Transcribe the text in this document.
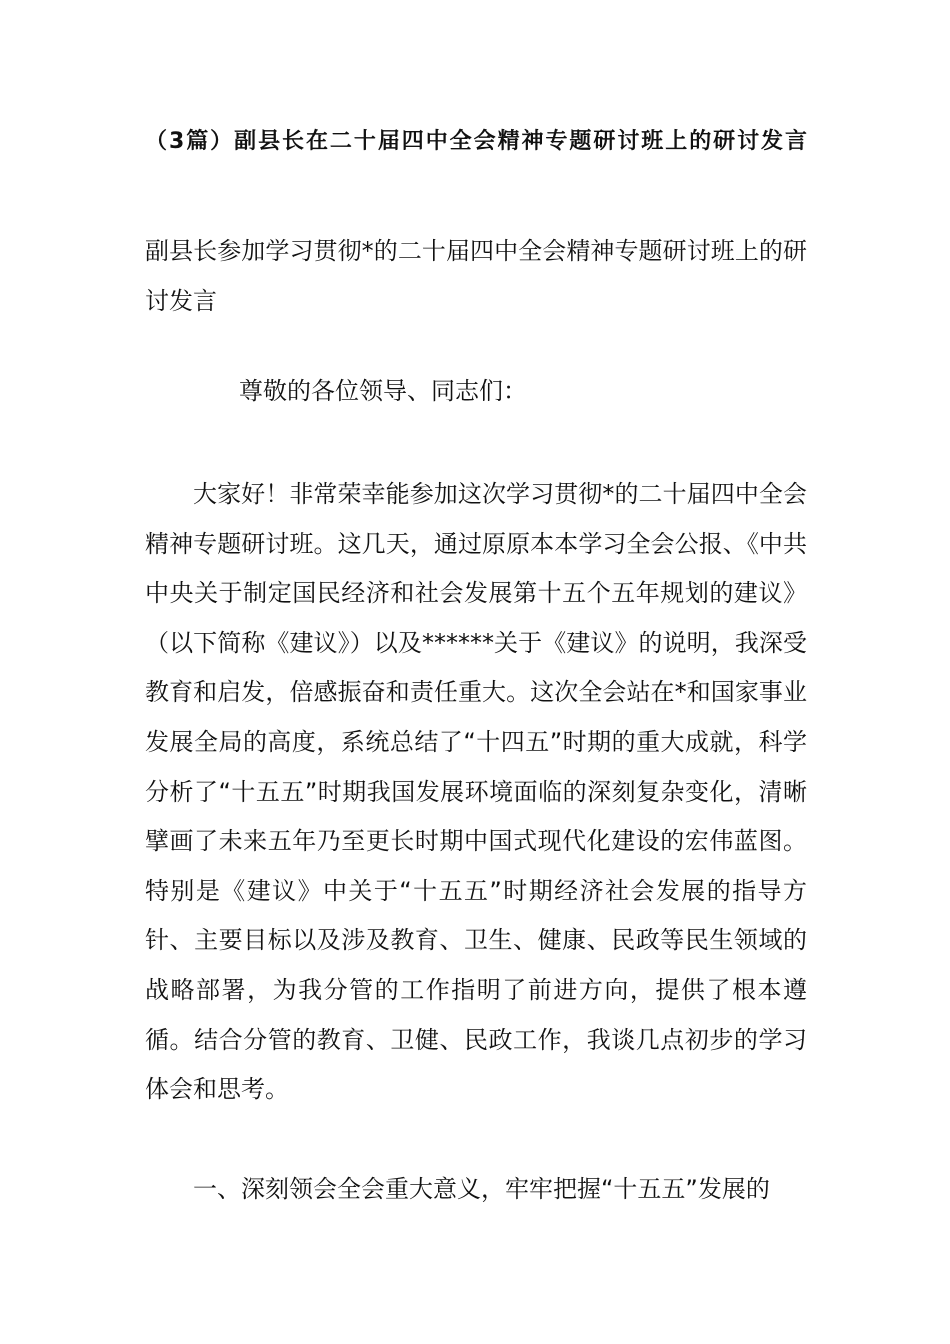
（3篇）副县长在二十届四中全会精神专题研讨班上的研讨发言

副县长参加学习贯彻*的二十届四中全会精神专题研讨班上的研讨发言

尊敬的各位领导、同志们：

大家好！非常荣幸能参加这次学习贯彻*的二十届四中全会精神专题研讨班。这几天，通过原原本本学习全会公报、《中共中央关于制定国民经济和社会发展第十五个五年规划的建议》（以下简称《建议》）以及******关于《建议》的说明，我深受教育和启发，倍感振奋和责任重大。这次全会站在*和国家事业发展全局的高度，系统总结了“十四五”时期的重大成就，科学分析了“十五五”时期我国发展环境面临的深刻复杂变化，清晰擘画了未来五年乃至更长时期中国式现代化建设的宏伟蓝图。特别是《建议》中关于“十五五”时期经济社会发展的指导方针、主要目标以及涉及教育、卫生、健康、民政等民生领域的战略部署，为我分管的工作指明了前进方向，提供了根本遵循。结合分管的教育、卫健、民政工作，我谈几点初步的学习体会和思考。

一、深刻领会全会重大意义，牢牢把握“十五五”发展的
